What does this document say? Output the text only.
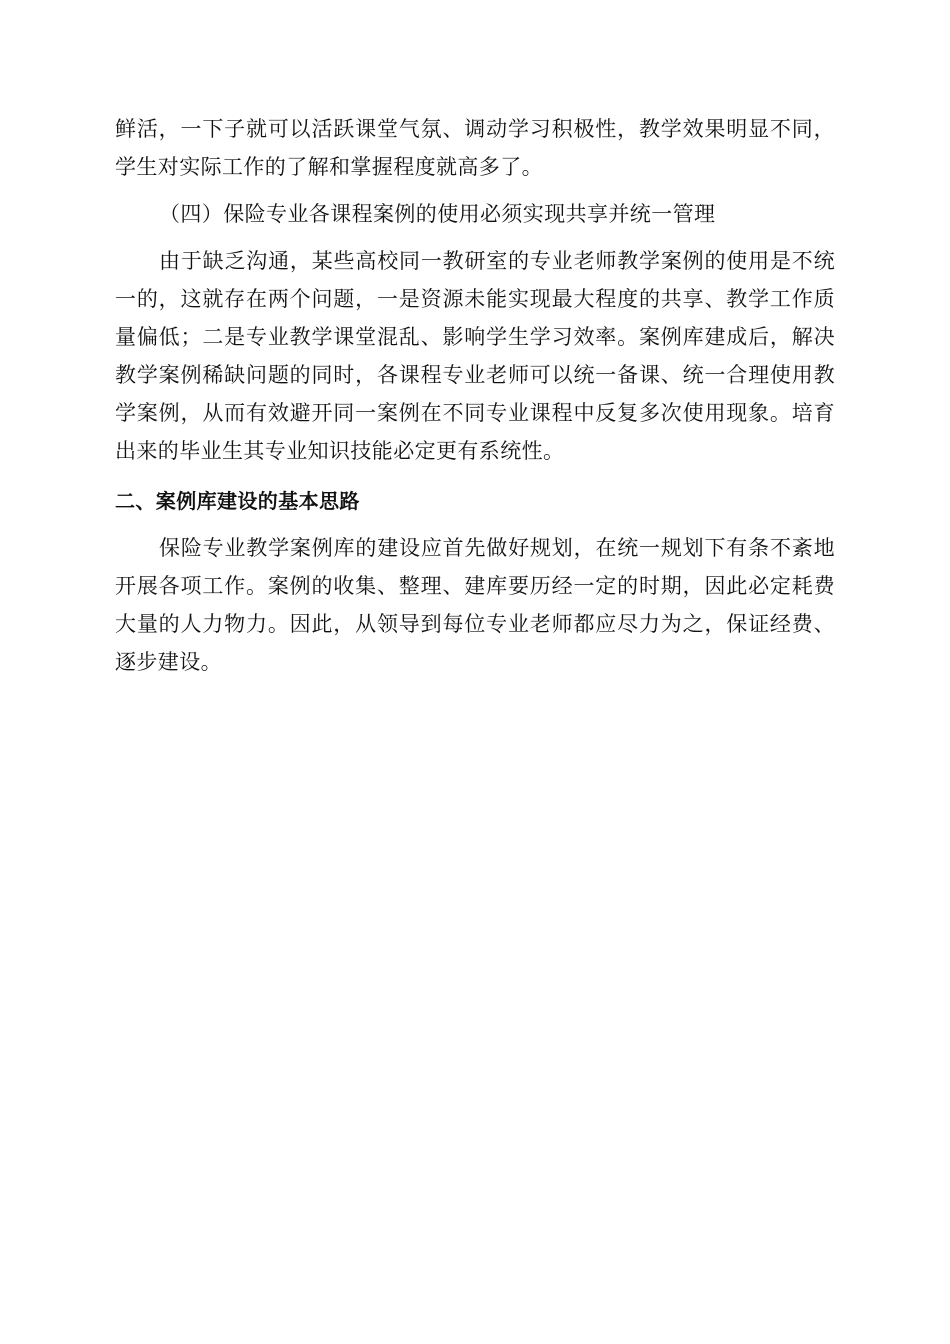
鲜活，一下子就可以活跃课堂气氛、调动学习积极性，教学效果明显不同，学生对实际工作的了解和掌握程度就高多了。

（四）保险专业各课程案例的使用必须实现共享并统一管理

由于缺乏沟通，某些高校同一教研室的专业老师教学案例的使用是不统一的，这就存在两个问题，一是资源未能实现最大程度的共享、教学工作质量偏低；二是专业教学课堂混乱、影响学生学习效率。案例库建成后，解决教学案例稀缺问题的同时，各课程专业老师可以统一备课、统一合理使用教学案例，从而有效避开同一案例在不同专业课程中反复多次使用现象。培育出来的毕业生其专业知识技能必定更有系统性。

二、案例库建设的基本思路

保险专业教学案例库的建设应首先做好规划，在统一规划下有条不紊地开展各项工作。案例的收集、整理、建库要历经一定的时期，因此必定耗费大量的人力物力。因此，从领导到每位专业老师都应尽力为之，保证经费、逐步建设。
